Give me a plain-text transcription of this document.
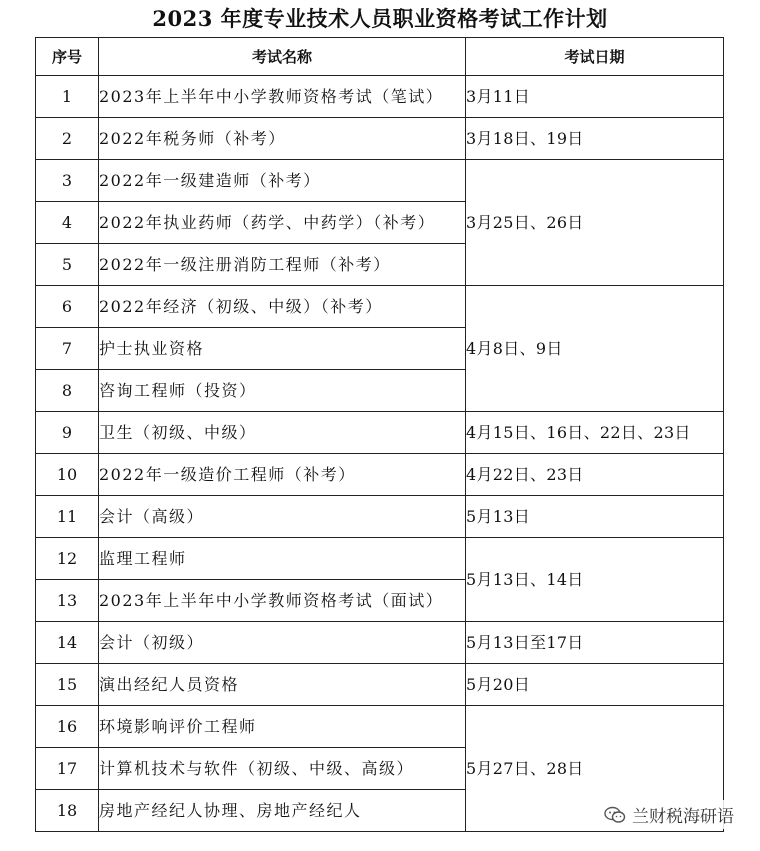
2023 年度专业技术人员职业资格考试工作计划
序号	考试名称	考试日期
1	2023年上半年中小学教师资格考试（笔试）	3月11日
2	2022年税务师（补考）	3月18日、19日
3	2022年一级建造师（补考）	3月25日、26日
4	2022年执业药师（药学、中药学）（补考）	
5	2022年一级注册消防工程师（补考）	
6	2022年经济（初级、中级）（补考）	4月8日、9日
7	护士执业资格	
8	咨询工程师（投资）	
9	卫生（初级、中级）	4月15日、16日、22日、23日
10	2022年一级造价工程师（补考）	4月22日、23日
11	会计（高级）	5月13日
12	监理工程师	5月13日、14日
13	2023年上半年中小学教师资格考试（面试）	
14	会计（初级）	5月13日至17日
15	演出经纪人员资格	5月20日
16	环境影响评价工程师	5月27日、28日
17	计算机技术与软件（初级、中级、高级）	
18	房地产经纪人协理、房地产经纪人		兰财税海研语
